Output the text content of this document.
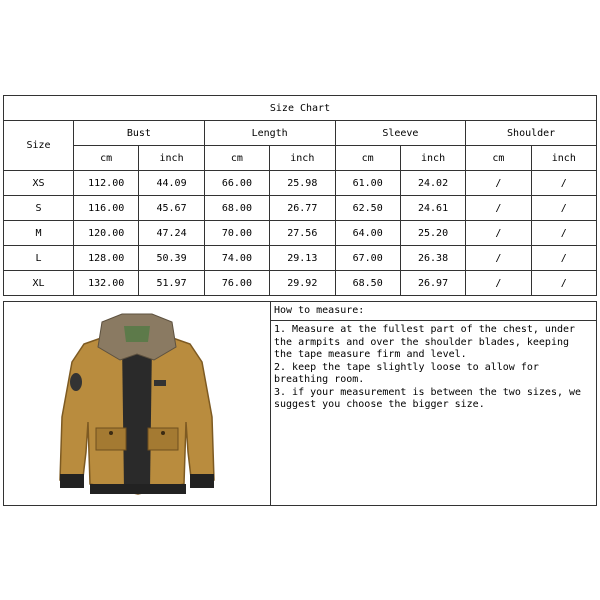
Size Chart								
Size	Bust		Length		Sleeve		Shoulder	
	cm	inch	cm	inch	cm	inch	cm	inch
XS	112.00	44.09	66.00	25.98	61.00	24.02	/	/
S	116.00	45.67	68.00	26.77	62.50	24.61	/	/
M	120.00	47.24	70.00	27.56	64.00	25.20	/	/
L	128.00	50.39	74.00	29.13	67.00	26.38	/	/
XL	132.00	51.97	76.00	29.92	68.50	26.97	/	/
How to measure:

1. Measure at the fullest part of the chest, under the armpits and over the shoulder blades, keeping the tape measure firm and level.

2. keep the tape slightly loose to allow for breathing room.

3. if your measurement is between the two sizes, we suggest you choose the bigger size.
